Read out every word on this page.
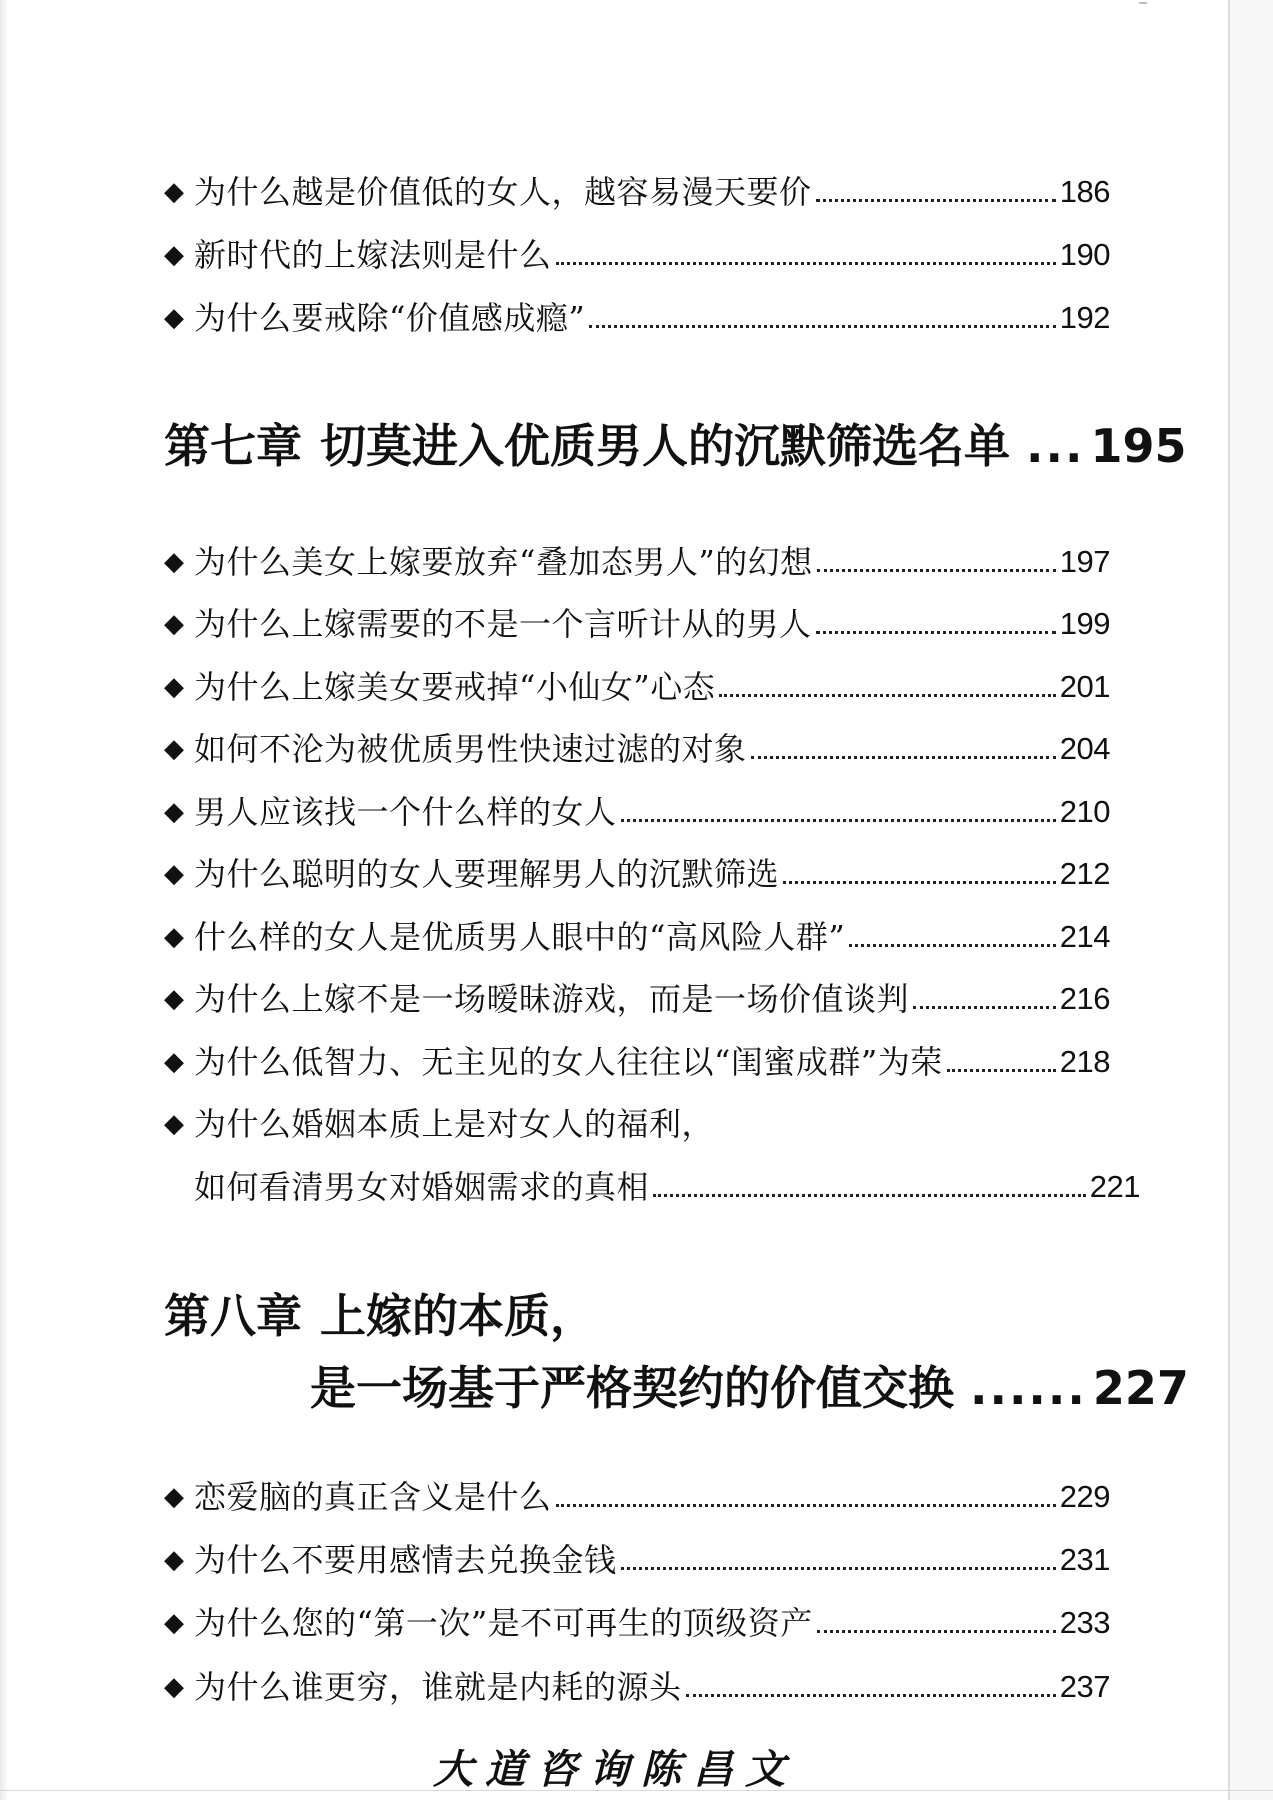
◆ 为什么越是价值低的女人，越容易漫天要价	186
◆ 新时代的上嫁法则是什么	190
◆ 为什么要戒除“价值感成瘾”	192
第七章 切莫进入优质男人的沉默筛选名单 ... 195
◆ 为什么美女上嫁要放弃“叠加态男人”的幻想	197
◆ 为什么上嫁需要的不是一个言听计从的男人	199
◆ 为什么上嫁美女要戒掉“小仙女”心态	201
◆ 如何不沦为被优质男性快速过滤的对象	204
◆ 男人应该找一个什么样的女人	210
◆ 为什么聪明的女人要理解男人的沉默筛选	212
◆ 什么样的女人是优质男人眼中的“高风险人群”	214
◆ 为什么上嫁不是一场暧昧游戏，而是一场价值谈判	216
◆ 为什么低智力、无主见的女人往往以“闺蜜成群”为荣	218
◆ 为什么婚姻本质上是对女人的福利，
如何看清男女对婚姻需求的真相	221
第八章 上嫁的本质，
是一场基于严格契约的价值交换 ...... 227
◆ 恋爱脑的真正含义是什么	229
◆ 为什么不要用感情去兑换金钱	231
◆ 为什么您的“第一次”是不可再生的顶级资产	233
◆ 为什么谁更穷，谁就是内耗的源头	237
大道咨询陈昌文
